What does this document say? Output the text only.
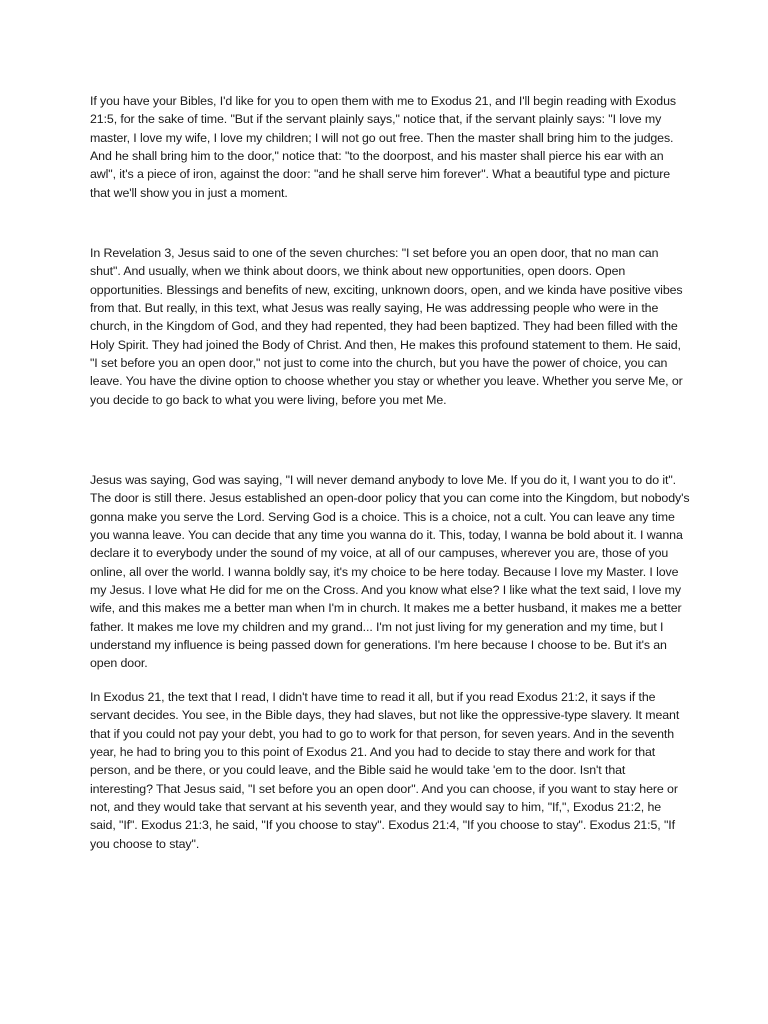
If you have your Bibles, I'd like for you to open them with me to Exodus 21, and I'll begin reading with Exodus 21:5, for the sake of time. "But if the servant plainly says," notice that, if the servant plainly says: "I love my master, I love my wife, I love my children; I will not go out free. Then the master shall bring him to the judges. And he shall bring him to the door," notice that: "to the doorpost, and his master shall pierce his ear with an awl", it's a piece of iron, against the door: "and he shall serve him forever". What a beautiful type and picture that we'll show you in just a moment.

In Revelation 3, Jesus said to one of the seven churches: "I set before you an open door, that no man can shut". And usually, when we think about doors, we think about new opportunities, open doors. Open opportunities. Blessings and benefits of new, exciting, unknown doors, open, and we kinda have positive vibes from that. But really, in this text, what Jesus was really saying, He was addressing people who were in the church, in the Kingdom of God, and they had repented, they had been baptized. They had been filled with the Holy Spirit. They had joined the Body of Christ. And then, He makes this profound statement to them. He said, "I set before you an open door," not just to come into the church, but you have the power of choice, you can leave. You have the divine option to choose whether you stay or whether you leave. Whether you serve Me, or you decide to go back to what you were living, before you met Me.

Jesus was saying, God was saying, "I will never demand anybody to love Me. If you do it, I want you to do it". The door is still there. Jesus established an open-door policy that you can come into the Kingdom, but nobody's gonna make you serve the Lord. Serving God is a choice. This is a choice, not a cult. You can leave any time you wanna leave. You can decide that any time you wanna do it. This, today, I wanna be bold about it. I wanna declare it to everybody under the sound of my voice, at all of our campuses, wherever you are, those of you online, all over the world. I wanna boldly say, it's my choice to be here today. Because I love my Master. I love my Jesus. I love what He did for me on the Cross. And you know what else? I like what the text said, I love my wife, and this makes me a better man when I'm in church. It makes me a better husband, it makes me a better father. It makes me love my children and my grand... I'm not just living for my generation and my time, but I understand my influence is being passed down for generations. I'm here because I choose to be. But it's an open door.

In Exodus 21, the text that I read, I didn't have time to read it all, but if you read Exodus 21:2, it says if the servant decides. You see, in the Bible days, they had slaves, but not like the oppressive-type slavery. It meant that if you could not pay your debt, you had to go to work for that person, for seven years. And in the seventh year, he had to bring you to this point of Exodus 21. And you had to decide to stay there and work for that person, and be there, or you could leave, and the Bible said he would take 'em to the door. Isn't that interesting? That Jesus said, "I set before you an open door". And you can choose, if you want to stay here or not, and they would take that servant at his seventh year, and they would say to him, "If,", Exodus 21:2, he said, "If". Exodus 21:3, he said, "If you choose to stay". Exodus 21:4, "If you choose to stay". Exodus 21:5, "If you choose to stay".
